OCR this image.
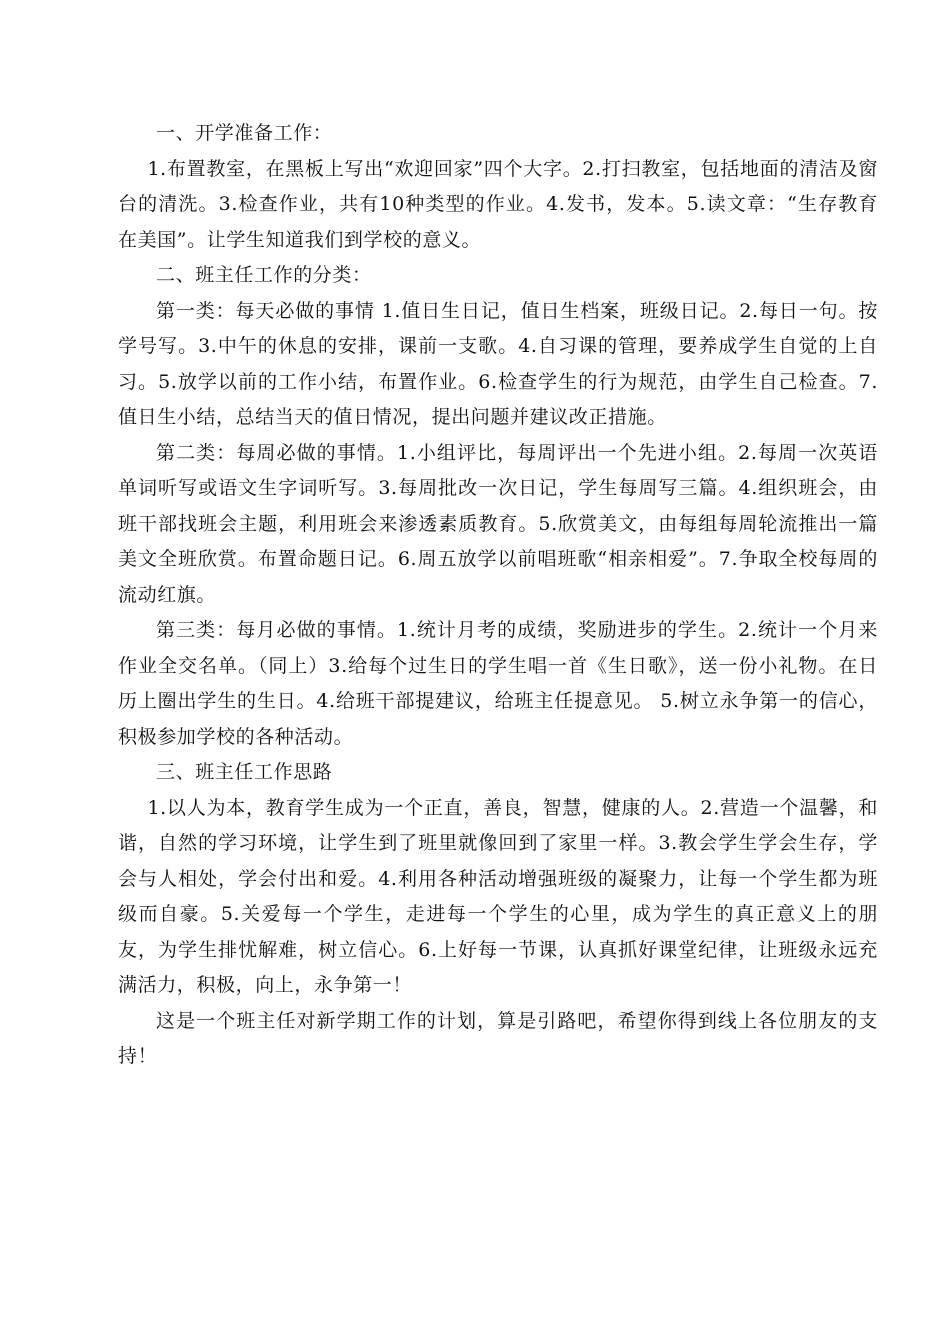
一、开学准备工作：

1.布置教室，在黑板上写出“欢迎回家”四个大字。2.打扫教室，包括地面的清洁及窗台的清洗。3.检查作业，共有10种类型的作业。4.发书，发本。5.读文章：“生存教育在美国”。让学生知道我们到学校的意义。

二、班主任工作的分类：

第一类：每天必做的事情 1.值日生日记，值日生档案，班级日记。2.每日一句。按学号写。3.中午的休息的安排，课前一支歌。4.自习课的管理，要养成学生自觉的上自习。5.放学以前的工作小结，布置作业。6.检查学生的行为规范，由学生自己检查。7.值日生小结，总结当天的值日情况，提出问题并建议改正措施。

第二类：每周必做的事情。1.小组评比，每周评出一个先进小组。2.每周一次英语单词听写或语文生字词听写。3.每周批改一次日记，学生每周写三篇。4.组织班会，由班干部找班会主题，利用班会来渗透素质教育。5.欣赏美文，由每组每周轮流推出一篇美文全班欣赏。布置命题日记。6.周五放学以前唱班歌“相亲相爱”。7.争取全校每周的流动红旗。

第三类：每月必做的事情。1.统计月考的成绩，奖励进步的学生。2.统计一个月来 作业全交名单。（同上）3.给每个过生日的学生唱一首《生日歌》，送一份小礼物。在日历上圈出学生的生日。4.给班干部提建议，给班主任提意见。 5.树立永争第一的信心，积极参加学校的各种活动。

三、班主任工作思路

1.以人为本，教育学生成为一个正直，善良，智慧，健康的人。2.营造一个温馨，和谐，自然的学习环境，让学生到了班里就像回到了家里一样。3.教会学生学会生存，学会与人相处，学会付出和爱。4.利用各种活动增强班级的凝聚力，让每一个学生都为班级而自豪。5.关爱每一个学生，走进每一个学生的心里，成为学生的真正意义上的朋友，为学生排忧解难，树立信心。6.上好每一节课，认真抓好课堂纪律，让班级永远充满活力，积极，向上，永争第一！

这是一个班主任对新学期工作的计划，算是引路吧，希望你得到线上各位朋友的支持！
